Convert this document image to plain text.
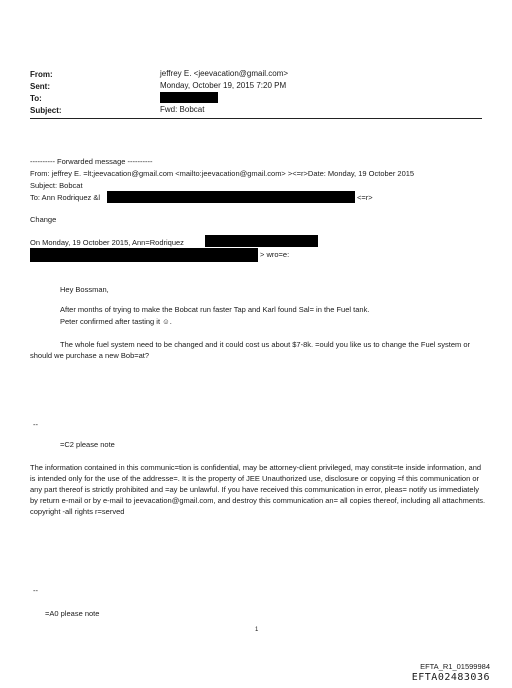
From:	jeffrey E. <jeevacation@gmail.com>
Sent:	Monday, October 19, 2015 7:20 PM
To:
Subject:	Fwd: Bobcat
---------- Forwarded message ----------
From: jeffrey E. =lt;jeevacation@gmail.com <mailto:jeevacation@gmail.com> ><=r>Date: Monday, 19 October 2015
Subject: Bobcat
To: Ann Rodriquez &l	<=r>
Change
On Monday, 19 October 2015, Ann=Rodriquez
> wro=e:
Hey Bossman,
After months of trying to make the Bobcat run faster Tap and Karl found Sal= in the Fuel tank.
Peter confirmed after tasting it ☺.
The whole fuel system need to be changed and it could cost us about $7-8k. =ould you like us to change the Fuel system or should we purchase a new Bob=at?
--
=C2 please note
The information contained in this communic=tion is confidential, may be attorney-client privileged, may constit=te inside information, and is intended only for the use of the addresse=. It is the property of JEE Unauthorized use, disclosure or copying =f this communication or any part thereof is strictly prohibited and =ay be unlawful. If you have received this communication in error, pleas= notify us immediately by return e-mail or by e-mail to jeevacation@gmail.com, and destroy this communication an= all copies thereof, including all attachments. copyright -all rights r=served
--
=A0 please note
1
EFTA_R1_01599984
EFTA02483036
